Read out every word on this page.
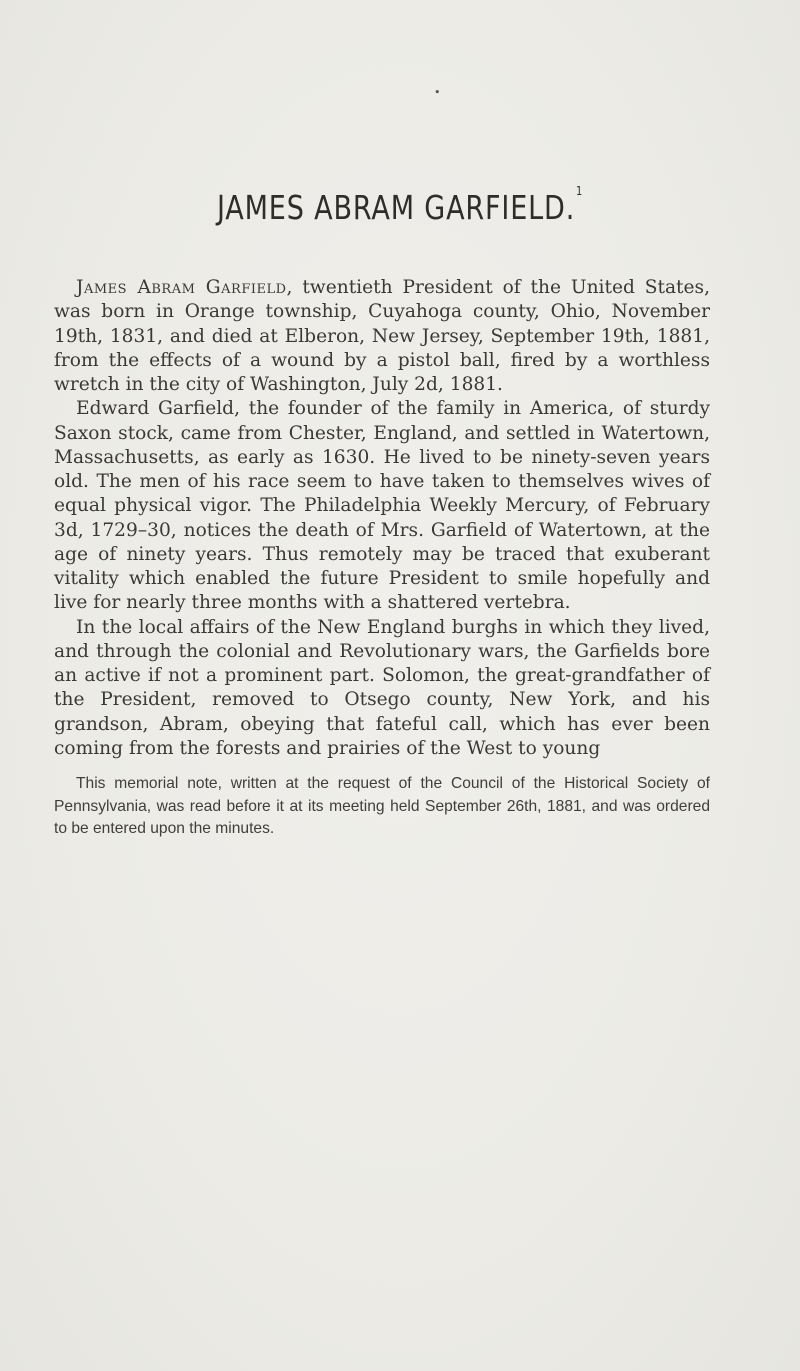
•
JAMES ABRAM GARFIELD.$^1$

James Abram Garfield, twentieth President of the United States, was born in Orange township, Cuyahoga county, Ohio, November 19th, 1831, and died at Elberon, New Jersey, September 19th, 1881, from the effects of a wound by a pistol ball, fired by a worthless wretch in the city of Washington, July 2d, 1881.

Edward Garfield, the founder of the family in America, of sturdy Saxon stock, came from Chester, England, and settled in Watertown, Massachusetts, as early as 1630. He lived to be ninety-seven years old. The men of his race seem to have taken to themselves wives of equal physical vigor. The Philadelphia Weekly Mercury, of February 3d, 1729–30, notices the death of Mrs. Garfield of Watertown, at the age of ninety years. Thus remotely may be traced that exuberant vitality which enabled the future President to smile hopefully and live for nearly three months with a shattered vertebra.

In the local affairs of the New England burghs in which they lived, and through the colonial and Revolutionary wars, the Garfields bore an active if not a prominent part. Solomon, the great-grandfather of the President, removed to Otsego county, New York, and his grandson, Abram, obeying that fateful call, which has ever been coming from the forests and prairies of the West to young

This memorial note, written at the request of the Council of the Historical Society of Pennsylvania, was read before it at its meeting held September 26th, 1881, and was ordered to be entered upon the minutes.
